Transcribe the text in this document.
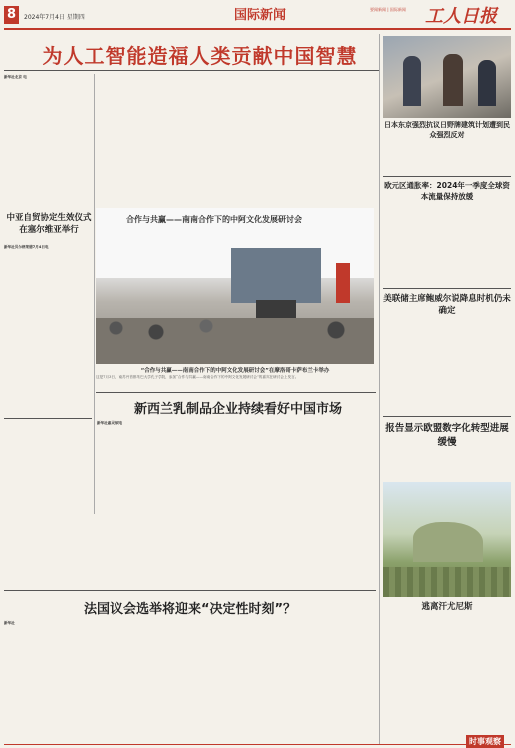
8	2024年7月4日 星期四	国际新闻	要闻新闻 | 国际新闻	工人日报
为人工智能造福人类贡献中国智慧
新华社北京 电
中亚自贸协定生效仪式在塞尔维亚举行
新华社贝尔格莱德7月4日电
合作与共赢——南南合作下的中阿文化发展研讨会
“合作与共赢——南南合作下的中阿文化发展研讨会”在摩洛哥卡萨布兰卡举办
这是7月3日，南苏丹首都朱巴大学孔子学院，参加“合作与共赢——南南合作下的中阿文化发展研讨会”的嘉宾在研讨会上发言。
新西兰乳制品企业持续看好中国市场
新华社惠灵顿电
法国议会选举将迎来“决定性时刻”？
新华社
日本东京强烈抗议日野牌建筑计划遭到民众强烈反对
欧元区通胀率：2024年一季度全球资本流量保持放缓
美联储主席鲍威尔说降息时机仍未确定
报告显示欧盟数字化转型进展缓慢
逃离汗尤尼斯
时事观察
